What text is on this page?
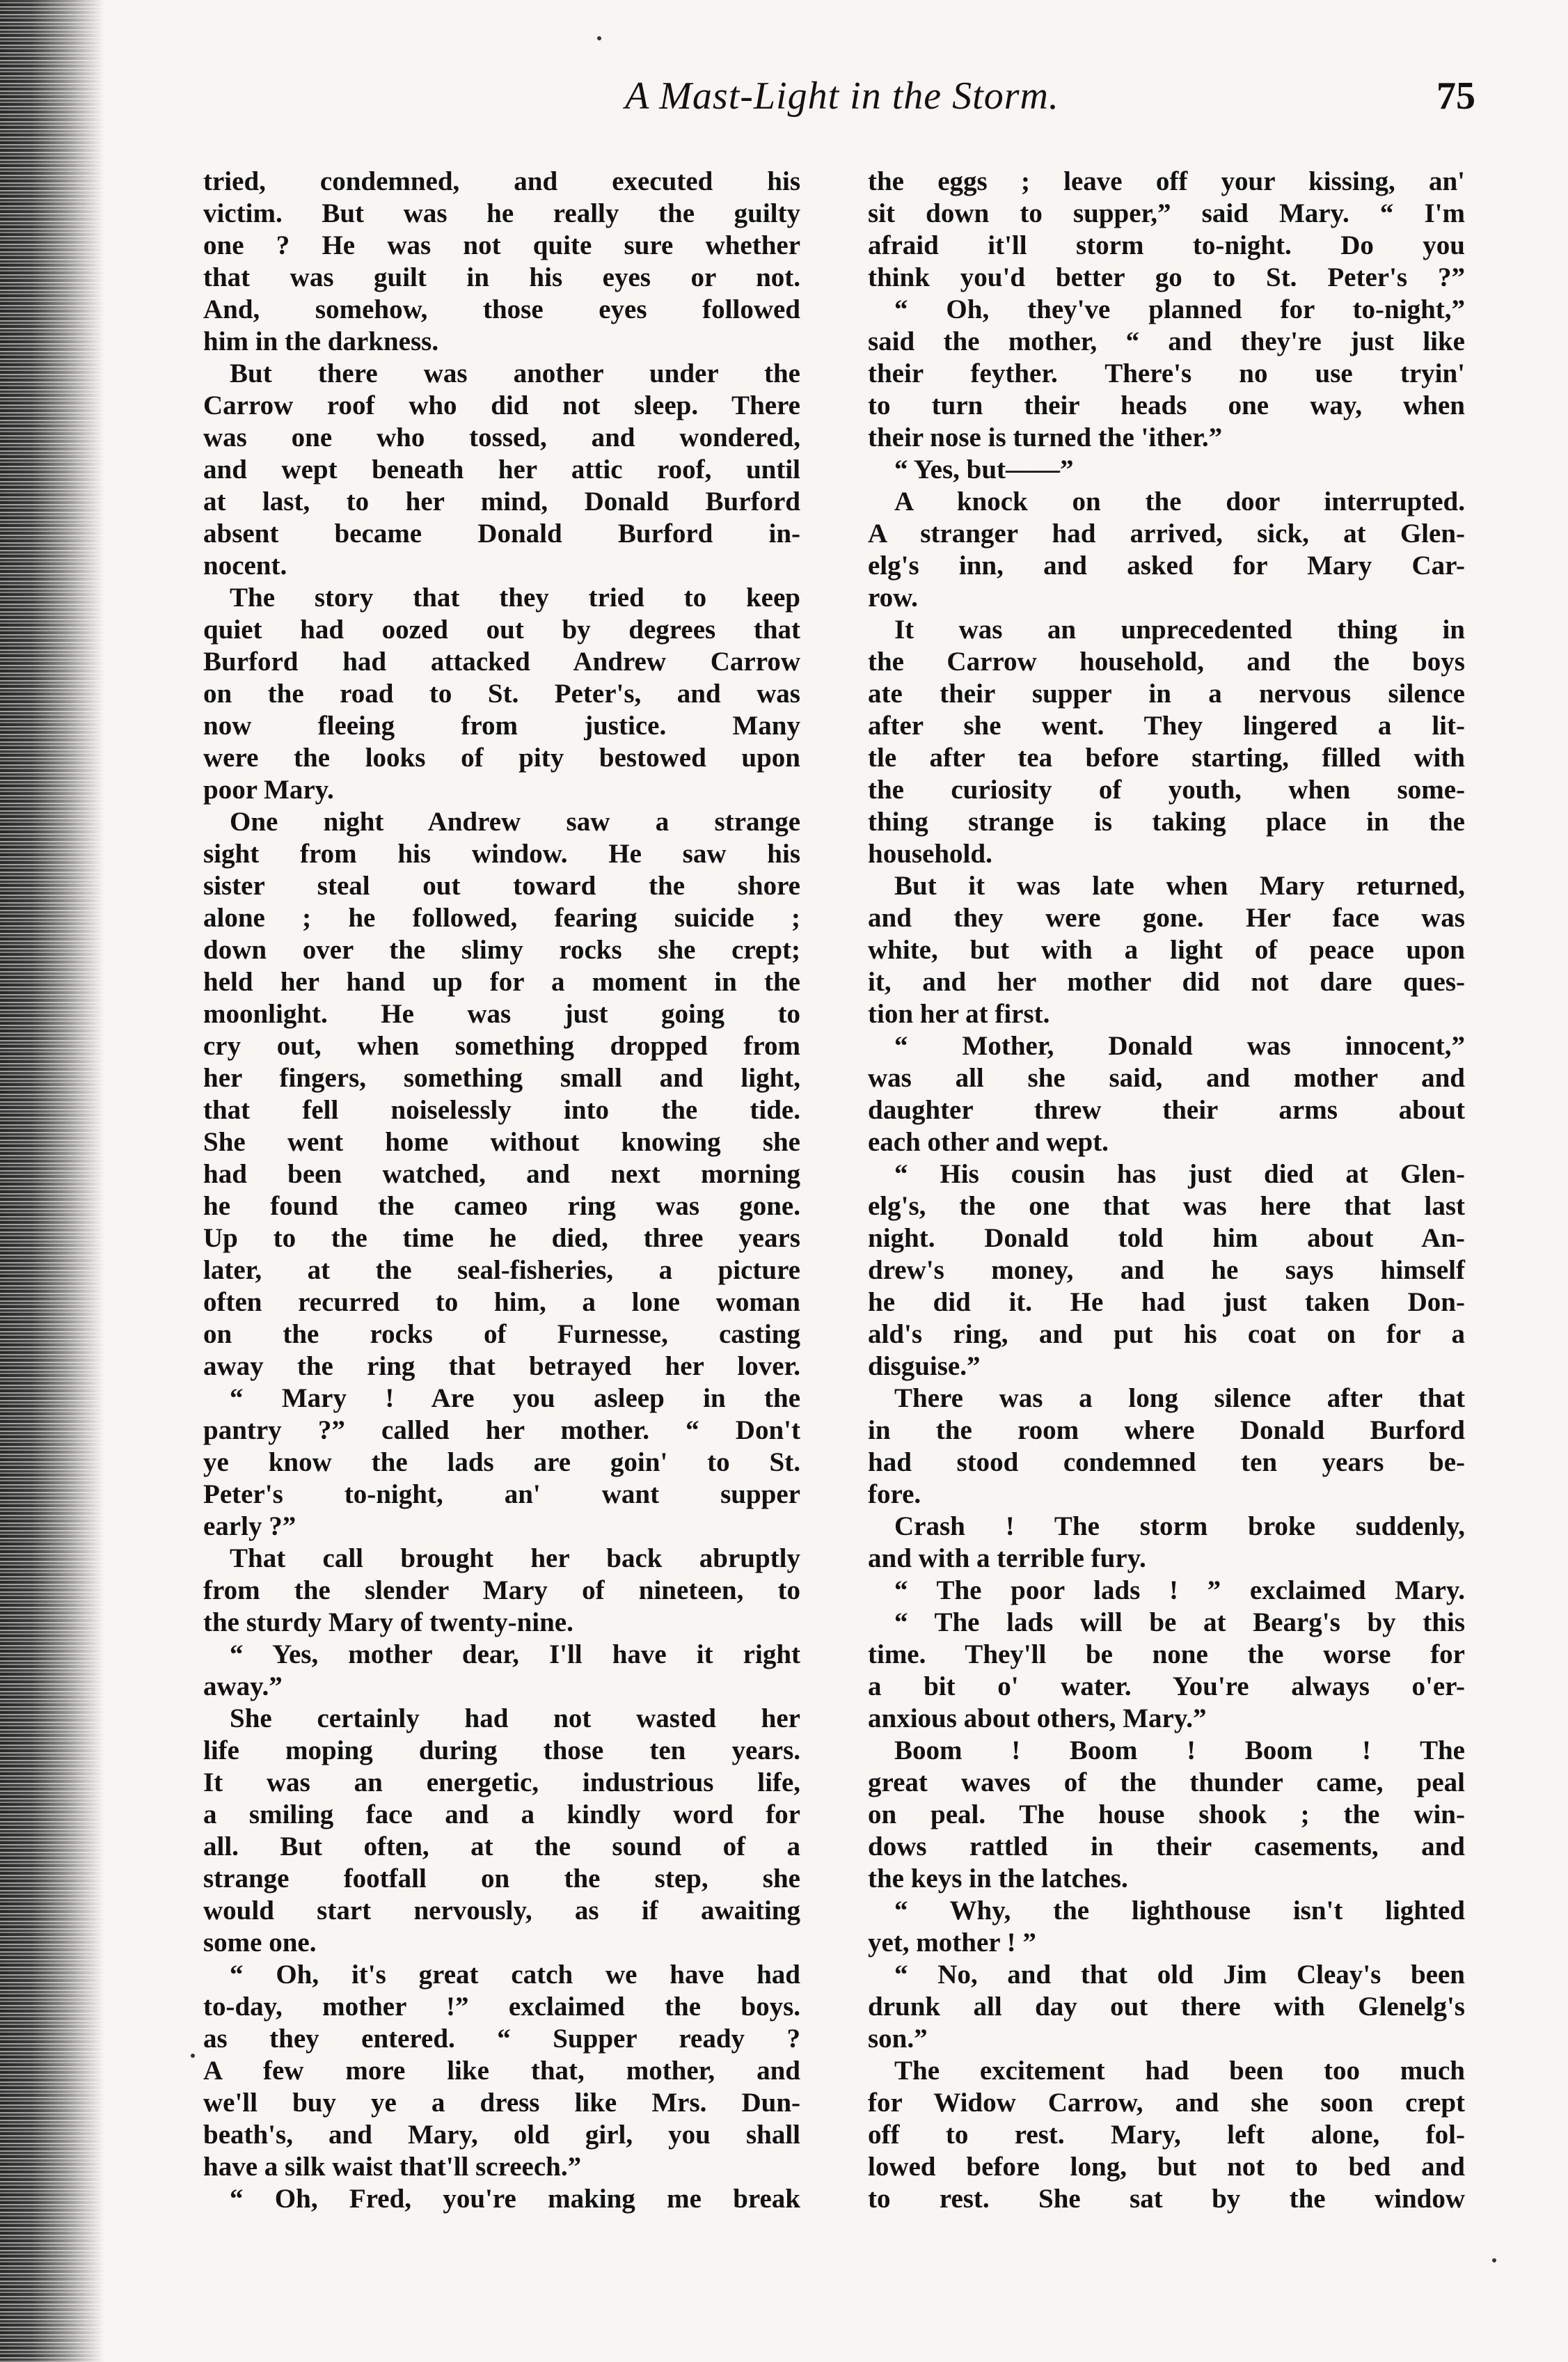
A Mast-Light in the Storm.	75
tried, condemned, and executed his
victim. But was he really the guilty
one ? He was not quite sure whether
that was guilt in his eyes or not.
And, somehow, those eyes followed
him in the darkness.
But there was another under the
Carrow roof who did not sleep. There
was one who tossed, and wondered,
and wept beneath her attic roof, until
at last, to her mind, Donald Burford
absent became Donald Burford in-
nocent.
The story that they tried to keep
quiet had oozed out by degrees that
Burford had attacked Andrew Carrow
on the road to St. Peter's, and was
now fleeing from justice. Many
were the looks of pity bestowed upon
poor Mary.
One night Andrew saw a strange
sight from his window. He saw his
sister steal out toward the shore
alone ; he followed, fearing suicide ;
down over the slimy rocks she crept;
held her hand up for a moment in the
moonlight. He was just going to
cry out, when something dropped from
her fingers, something small and light,
that fell noiselessly into the tide.
She went home without knowing she
had been watched, and next morning
he found the cameo ring was gone.
Up to the time he died, three years
later, at the seal-fisheries, a picture
often recurred to him, a lone woman
on the rocks of Furnesse, casting
away the ring that betrayed her lover.
“ Mary ! Are you asleep in the
pantry ?” called her mother. “ Don't
ye know the lads are goin' to St.
Peter's to-night, an' want supper
early ?”
That call brought her back abruptly
from the slender Mary of nineteen, to
the sturdy Mary of twenty-nine.
“ Yes, mother dear, I'll have it right
away.”
She certainly had not wasted her
life moping during those ten years.
It was an energetic, industrious life,
a smiling face and a kindly word for
all. But often, at the sound of a
strange footfall on the step, she
would start nervously, as if awaiting
some one.
“ Oh, it's great catch we have had
to-day, mother !” exclaimed the boys.
as they entered. “ Supper ready ?
A few more like that, mother, and
we'll buy ye a dress like Mrs. Dun-
beath's, and Mary, old girl, you shall
have a silk waist that'll screech.”
“ Oh, Fred, you're making me break
the eggs ; leave off your kissing, an'
sit down to supper,” said Mary. “ I'm
afraid it'll storm to-night. Do you
think you'd better go to St. Peter's ?”
“ Oh, they've planned for to-night,”
said the mother, “ and they're just like
their feyther. There's no use tryin'
to turn their heads one way, when
their nose is turned the 'ither.”
“ Yes, but——”
A knock on the door interrupted.
A stranger had arrived, sick, at Glen-
elg's inn, and asked for Mary Car-
row.
It was an unprecedented thing in
the Carrow household, and the boys
ate their supper in a nervous silence
after she went. They lingered a lit-
tle after tea before starting, filled with
the curiosity of youth, when some-
thing strange is taking place in the
household.
But it was late when Mary returned,
and they were gone. Her face was
white, but with a light of peace upon
it, and her mother did not dare ques-
tion her at first.
“ Mother, Donald was innocent,”
was all she said, and mother and
daughter threw their arms about
each other and wept.
“ His cousin has just died at Glen-
elg's, the one that was here that last
night. Donald told him about An-
drew's money, and he says himself
he did it. He had just taken Don-
ald's ring, and put his coat on for a
disguise.”
There was a long silence after that
in the room where Donald Burford
had stood condemned ten years be-
fore.
Crash ! The storm broke suddenly,
and with a terrible fury.
“ The poor lads ! ” exclaimed Mary.
“ The lads will be at Bearg's by this
time. They'll be none the worse for
a bit o' water. You're always o'er-
anxious about others, Mary.”
Boom ! Boom ! Boom ! The
great waves of the thunder came, peal
on peal. The house shook ; the win-
dows rattled in their casements, and
the keys in the latches.
“ Why, the lighthouse isn't lighted
yet, mother ! ”
“ No, and that old Jim Cleay's been
drunk all day out there with Glenelg's
son.”
The excitement had been too much
for Widow Carrow, and she soon crept
off to rest. Mary, left alone, fol-
lowed before long, but not to bed and
to rest. She sat by the window
